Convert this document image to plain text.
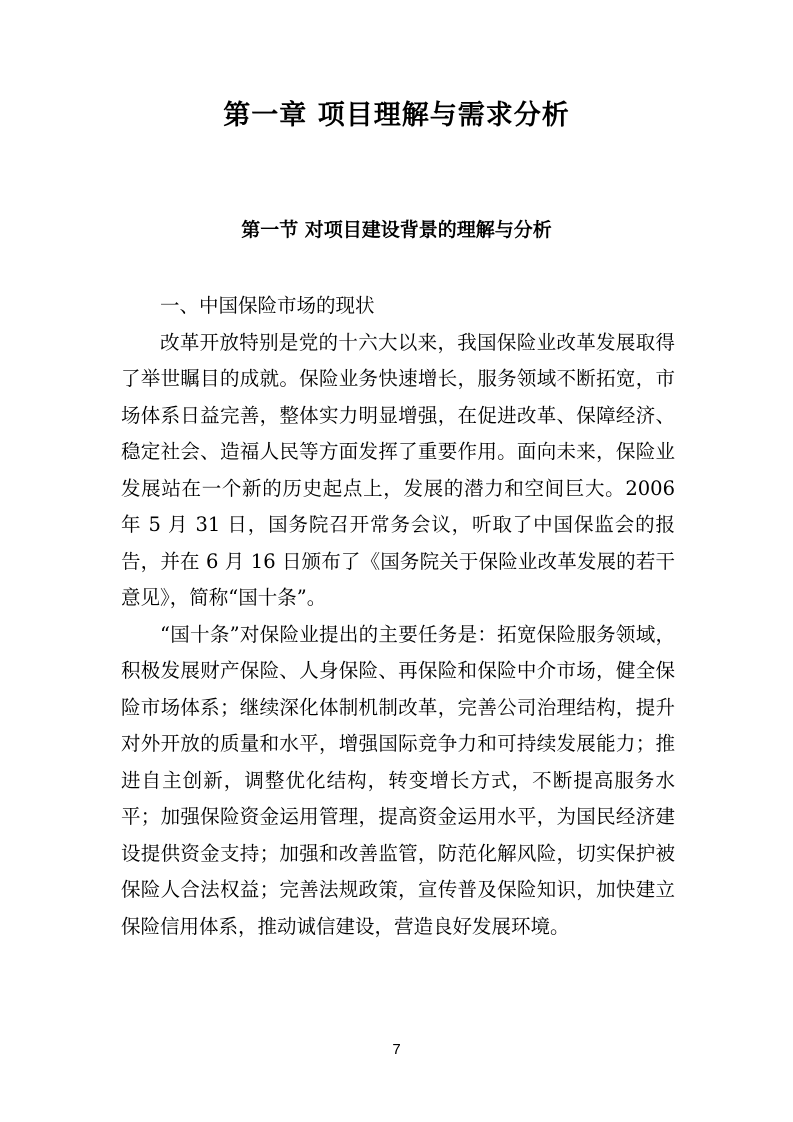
第一章 项目理解与需求分析
第一节 对项目建设背景的理解与分析

一、中国保险市场的现状

改革开放特别是党的十六大以来，我国保险业改革发展取得了举世瞩目的成就。保险业务快速增长，服务领域不断拓宽，市场体系日益完善，整体实力明显增强，在促进改革、保障经济、稳定社会、造福人民等方面发挥了重要作用。面向未来，保险业发展站在一个新的历史起点上，发展的潜力和空间巨大。2006 年 5 月 31 日，国务院召开常务会议，听取了中国保监会的报告，并在 6 月 16 日颁布了《国务院关于保险业改革发展的若干意见》，简称“国十条”。

“国十条”对保险业提出的主要任务是：拓宽保险服务领域，积极发展财产保险、人身保险、再保险和保险中介市场，健全保险市场体系；继续深化体制机制改革，完善公司治理结构，提升对外开放的质量和水平，增强国际竞争力和可持续发展能力；推进自主创新，调整优化结构，转变增长方式，不断提高服务水平；加强保险资金运用管理，提高资金运用水平，为国民经济建设提供资金支持；加强和改善监管，防范化解风险，切实保护被保险人合法权益；完善法规政策，宣传普及保险知识，加快建立保险信用体系，推动诚信建设，营造良好发展环境。

7
